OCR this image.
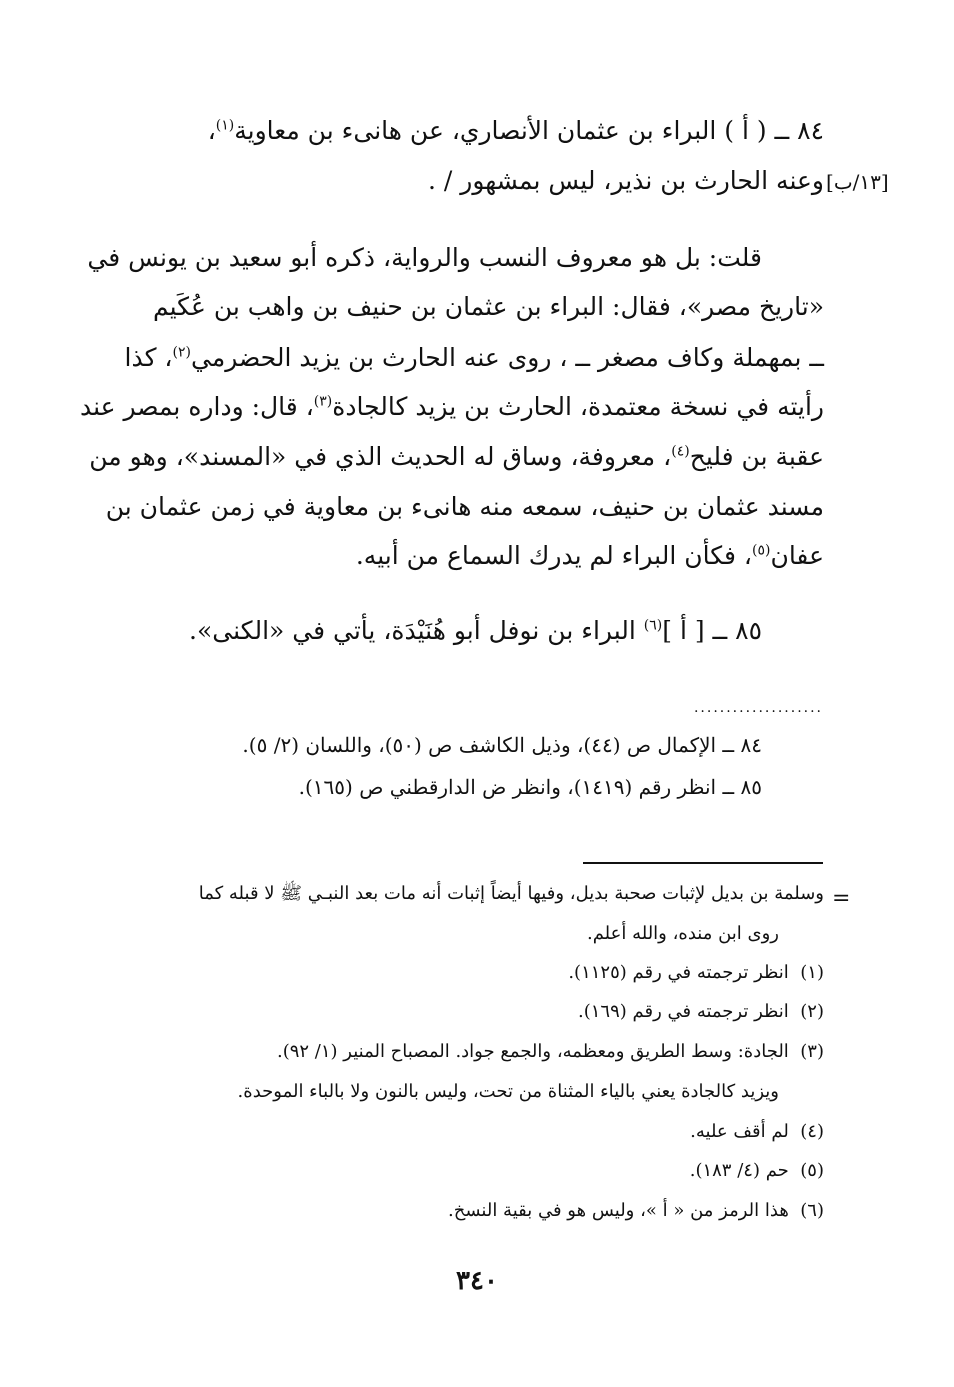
٨٤ ــ ( أ ) البراء بن عثمان الأنصاري، عن هانىء بن معاوية$^{(١)}$،
[١٣/ب]
وعنه الحارث بن نذير، ليس بمشهور / .
قلت: بل هو معروف النسب والرواية، ذكره أبو سعيد بن يونس في
«تاريخ مصر»، فقال: البراء بن عثمان بن حنيف بن واهب بن عُكَيم
ــ بمهملة وكاف مصغر ــ ، روى عنه الحارث بن يزيد الحضرمي$^{(٢)}$، كذا
رأيته في نسخة معتمدة، الحارث بن يزيد كالجادة$^{(٣)}$، قال: وداره بمصر عند
عقبة بن فليح$^{(٤)}$، معروفة، وساق له الحديث الذي في «المسند»، وهو من
مسند عثمان بن حنيف، سمعه منه هانىء بن معاوية في زمن عثمان بن
عفان$^{(٥)}$، فكأن البراء لم يدرك السماع من أبيه.
٨٥ ــ [ أ ]$^{(٦)}$ البراء بن نوفل أبو هُنَيْدَة، يأتي في «الكنى».
....................
٨٤ ــ الإكمال ص (٤٤)، وذيل الكاشف ص (٥٠)، واللسان (٢/ ٥).
٨٥ ــ انظر رقم (١٤١٩)، وانظر ض الدارقطني ص (١٦٥).
=
وسلمة بن بديل لإثبات صحبة بديل، وفيها أيضاً إثبات أنه مات بعد النبـي ﷺ لا قبله كما
روى ابن منده، والله أعلم.
(١)  انظر ترجمته في رقم (١١٢٥).
(٢)  انظر ترجمته في رقم (١٦٩).
(٣)  الجادة: وسط الطريق ومعظمه، والجمع جواد. المصباح المنير (١/ ٩٢).
ويزيد كالجادة يعني بالياء المثناة من تحت، وليس بالنون ولا بالباء الموحدة.
(٤)  لم أقف عليه.
(٥)  حم (٤/ ١٨٣).
(٦)  هذا الرمز من « أ »، وليس هو في بقية النسخ.
٣٤٠
